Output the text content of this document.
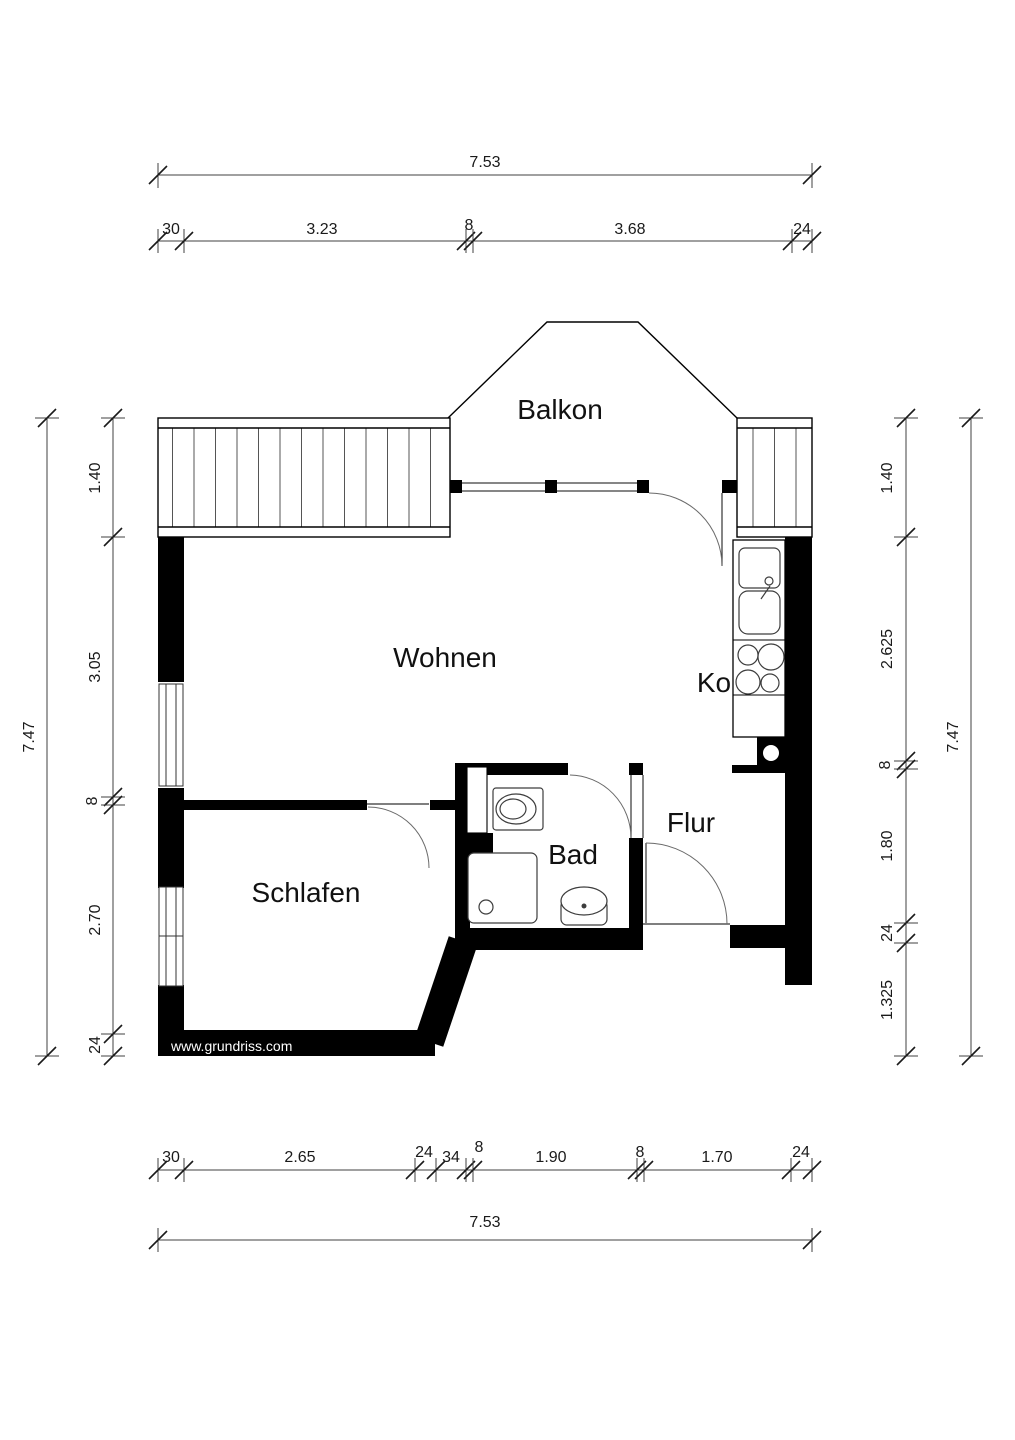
7.53
30	3.23	8	3.68	24
30	2.65	24 34
8
1.90	8	1.70	24
7.53
7.47
1.40
3.05
8
2.70
24
1.40
2.625
8
1.80
24
1.325
7.47
Balkon
Wohnen
Ko
Flur
Bad
Schlafen
www.grundriss.com
